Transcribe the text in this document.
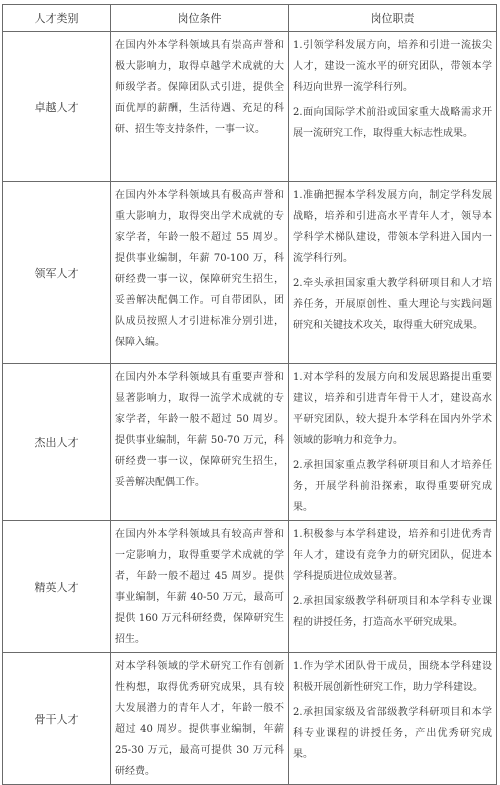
人才类别	岗位条件	岗位职责
卓越人才	在国内外本学科领域具有崇高声誉和极大影响力，取得卓越学术成就的大师级学者。保障团队式引进，提供全面优厚的薪酬，生活待遇、充足的科研、招生等支持条件，一事一议。	1.引领学科发展方向，培养和引进一流拔尖人才，建设一流水平的研究团队，带领本学科迈向世界一流学科行列。

2.面向国际学术前沿或国家重大战略需求开展一流研究工作，取得重大标志性成果。

领军人才	在国内外本学科领域具有极高声誉和重大影响力，取得突出学术成就的专家学者，年龄一般不超过 55 周岁。提供事业编制，年薪 70-100 万，科研经费一事一议，保障研究生招生，妥善解决配偶工作。可自带团队，团队成员按照人才引进标准分别引进，保障入编。	1.准确把握本学科发展方向，制定学科发展战略，培养和引进高水平青年人才，领导本学科学术梯队建设，带领本学科进入国内一流学科行列。

2.牵头承担国家重大教学科研项目和人才培养任务，开展原创性、重大理论与实践问题研究和关键技术攻关，取得重大研究成果。

杰出人才	在国内外本学科领域具有重要声誉和显著影响力，取得一流学术成就的专家学者，年龄一般不超过 50 周岁。提供事业编制，年薪 50-70 万元，科研经费一事一议，保障研究生招生，妥善解决配偶工作。	1.对本学科的发展方向和发展思路提出重要建议，培养和引进青年骨干人才，建设高水平研究团队，较大提升本学科在国内外学术领域的影响力和竞争力。

2.承担国家重点教学科研项目和人才培养任务，开展学科前沿探索，取得重要研究成果。

精英人才	在国内外本学科领域具有较高声誉和一定影响力，取得重要学术成就的学者，年龄一般不超过 45 周岁。提供事业编制，年薪 40-50 万元，最高可提供 160 万元科研经费，保障研究生招生。	1.积极参与本学科建设，培养和引进优秀青年人才，建设有竞争力的研究团队，促进本学科提质进位成效显著。

2.承担国家级教学科研项目和本学科专业课程的讲授任务，打造高水平研究成果。

骨干人才	对本学科领域的学术研究工作有创新性构想，取得优秀研究成果，具有较大发展潜力的青年人才，年龄一般不超过 40 周岁。提供事业编制，年薪 25-30 万元，最高可提供 30 万元科研经费。	1.作为学术团队骨干成员，围绕本学科建设积极开展创新性研究工作，助力学科建设。

2.承担国家级及省部级教学科研项目和本学科专业课程的讲授任务，产出优秀研究成果。
